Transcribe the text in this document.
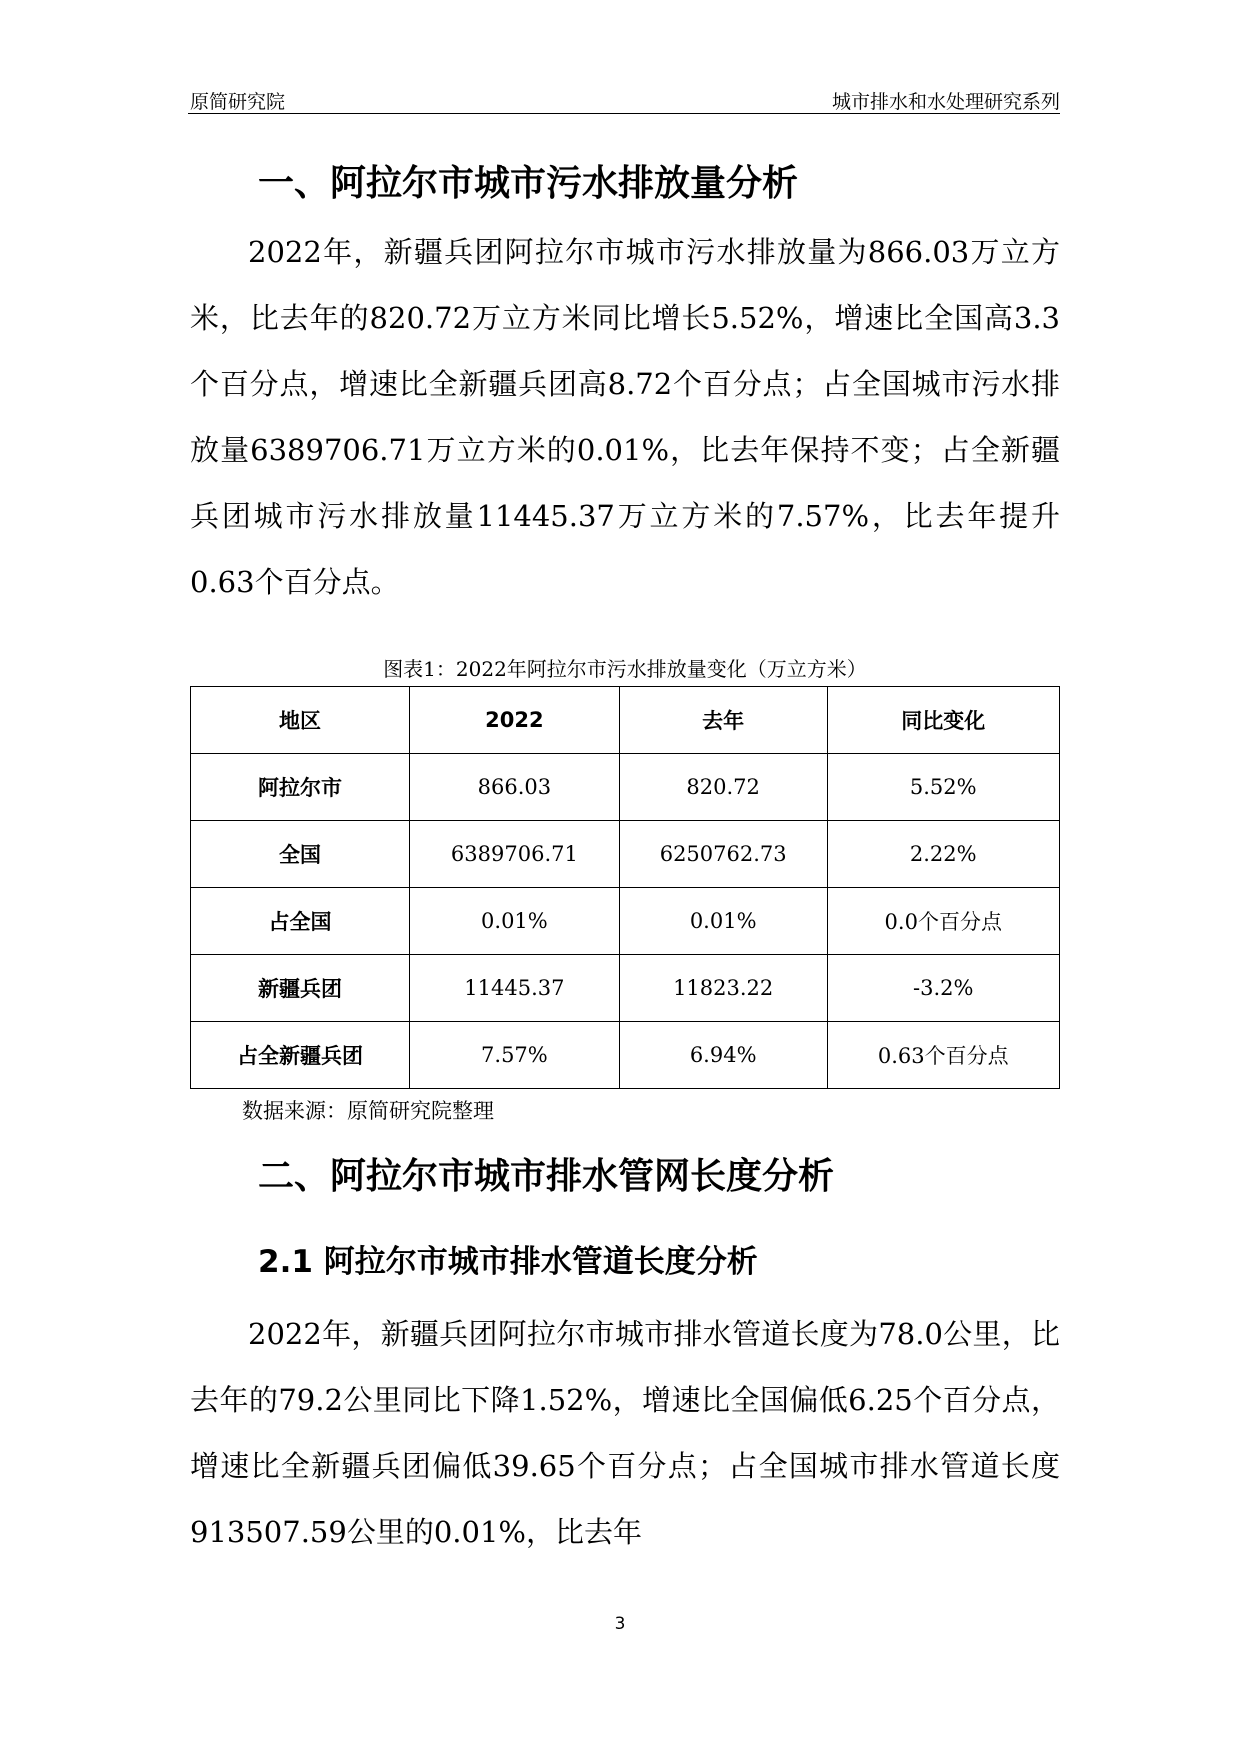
原简研究院	城市排水和水处理研究系列
一、阿拉尔市城市污水排放量分析

2022年，新疆兵团阿拉尔市城市污水排放量为866.03万立方米，比去年的820.72万立方米同比增长5.52%，增速比全国高3.3个百分点，增速比全新疆兵团高8.72个百分点；占全国城市污水排放量6389706.71万立方米的0.01%，比去年保持不变；占全新疆兵团城市污水排放量11445.37万立方米的7.57%，比去年提升0.63个百分点。

图表1：2022年阿拉尔市污水排放量变化（万立方米）
地区	2022	去年	同比变化
阿拉尔市	866.03	820.72	5.52%
全国	6389706.71	6250762.73	2.22%
占全国	0.01%	0.01%	0.0个百分点
新疆兵团	11445.37	11823.22	-3.2%
占全新疆兵团	7.57%	6.94%	0.63个百分点
数据来源：原简研究院整理
二、阿拉尔市城市排水管网长度分析
2.1 阿拉尔市城市排水管道长度分析

2022年，新疆兵团阿拉尔市城市排水管道长度为78.0公里，比去年的79.2公里同比下降1.52%，增速比全国偏低6.25个百分点，增速比全新疆兵团偏低39.65个百分点；占全国城市排水管道长度913507.59公里的0.01%，比去年

3
